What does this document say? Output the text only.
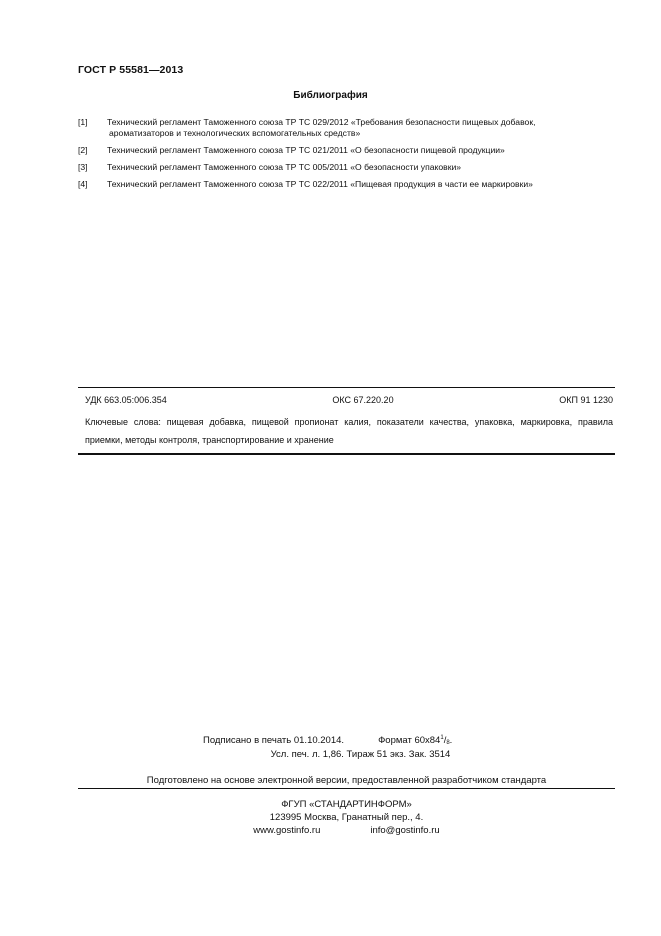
ГОСТ Р 55581—2013
Библиография
[1] Технический регламент Таможенного союза ТР ТС 029/2012 «Требования безопасности пищевых добавок,
ароматизаторов и технологических вспомогательных средств»
[2] Технический регламент Таможенного союза ТР ТС 021/2011 «О безопасности пищевой продукции»
[3] Технический регламент Таможенного союза ТР ТС 005/2011 «О безопасности упаковки»
[4] Технический регламент Таможенного союза ТР ТС 022/2011 «Пищевая продукция в части ее маркировки»
УДК 663.05:006.354	ОКС 67.220.20	ОКП 91 1230
Ключевые слова: пищевая добавка, пищевой пропионат калия, показатели качества, упаковка, маркировка, правила приемки, методы контроля, транспортирование и хранение
Подписано в печать 01.10.2014.	Формат $60x84^1/_8$.
Усл. печ. л. 1,86. Тираж 51 экз. Зак. 3514
Подготовлено на основе электронной версии, предоставленной разработчиком стандарта
ФГУП «СТАНДАРТИНФОРМ»
123995 Москва, Гранатный пер., 4.
www.gostinfo.ru	info@gostinfo.ru
